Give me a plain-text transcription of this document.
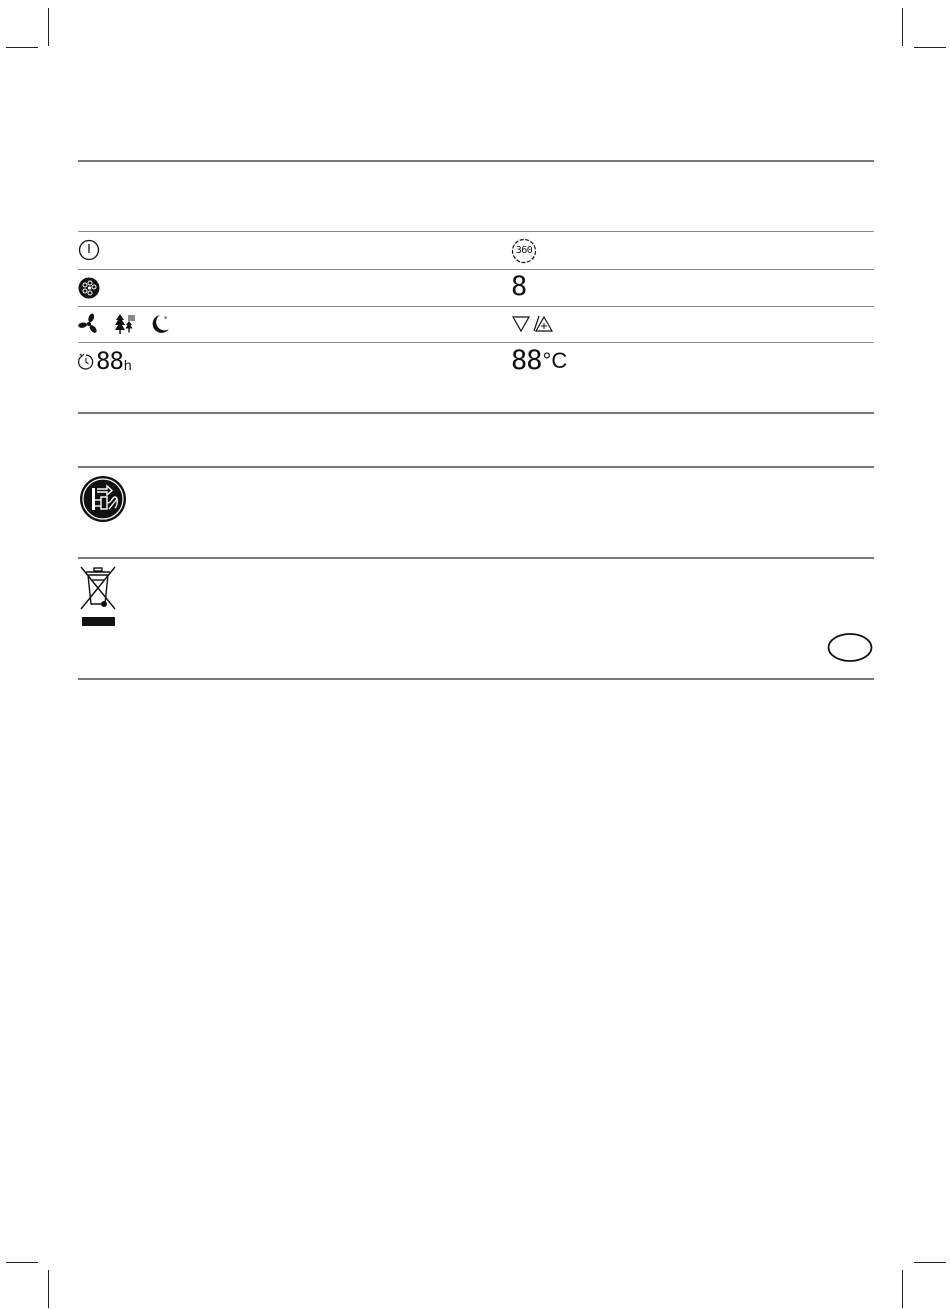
360
8
*
88 h	88 °C
